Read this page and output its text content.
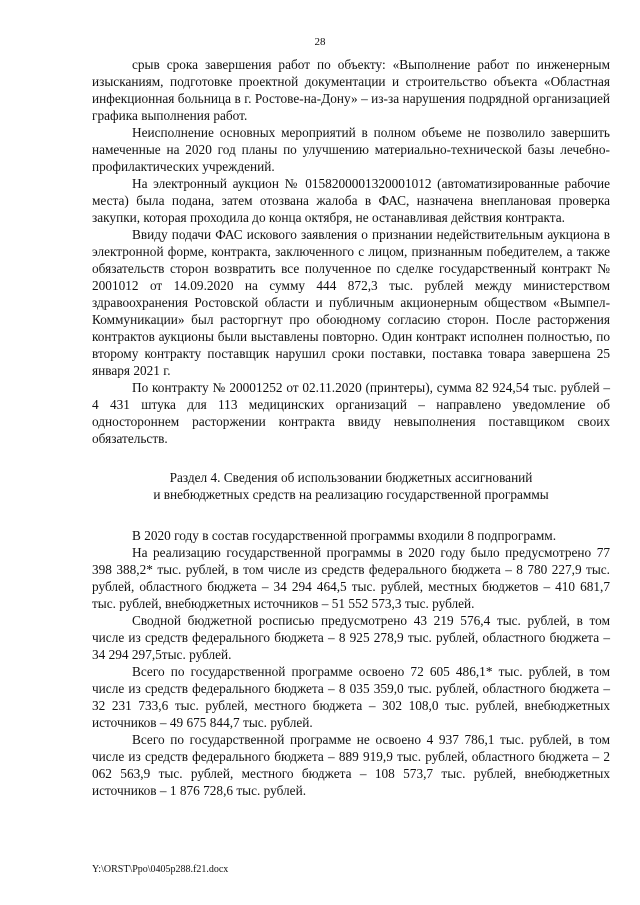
28

срыв срока завершения работ по объекту: «Выполнение работ по инженерным изысканиям, подготовке проектной документации и строительство объекта «Областная инфекционная больница в г. Ростове-на-Дону» – из-за нарушения подрядной организацией графика выполнения работ.

Неисполнение основных мероприятий в полном объеме не позволило завершить намеченные на 2020 год планы по улучшению материально-технической базы лечебно-профилактических учреждений.

На электронный аукцион № 0158200001320001012 (автоматизированные рабочие места) была подана, затем отозвана жалоба в ФАС, назначена внеплановая проверка закупки, которая проходила до конца октября, не останавливая действия контракта.

Ввиду подачи ФАС искового заявления о признании недействительным аукциона в электронной форме, контракта, заключенного с лицом, признанным победителем, а также обязательств сторон возвратить все полученное по сделке государственный контракт № 2001012 от 14.09.2020 на сумму 444 872,3 тыс. рублей между министерством здравоохранения Ростовской области и публичным акционерным обществом «Вымпел-Коммуникации» был расторгнут про обоюдному согласию сторон. После расторжения контрактов аукционы были выставлены повторно. Один контракт исполнен полностью, по второму контракту поставщик нарушил сроки поставки, поставка товара завершена 25 января 2021 г.

По контракту № 20001252 от 02.11.2020 (принтеры), сумма 82 924,54 тыс. рублей – 4 431 штука для 113 медицинских организаций – направлено уведомление об одностороннем расторжении контракта ввиду невыполнения поставщиком своих обязательств.

Раздел 4. Сведения об использовании бюджетных ассигнований
и внебюджетных средств на реализацию государственной программы

В 2020 году в состав государственной программы входили 8 подпрограмм.

На реализацию государственной программы в 2020 году было предусмотрено 77 398 388,2* тыс. рублей, в том числе из средств федерального бюджета – 8 780 227,9 тыс. рублей, областного бюджета – 34 294 464,5 тыс. рублей, местных бюджетов – 410 681,7 тыс. рублей, внебюджетных источников – 51 552 573,3 тыс. рублей.

Сводной бюджетной росписью предусмотрено 43 219 576,4 тыс. рублей, в том числе из средств федерального бюджета – 8 925 278,9 тыс. рублей, областного бюджета – 34 294 297,5тыс. рублей.

Всего по государственной программе освоено 72 605 486,1* тыс. рублей, в том числе из средств федерального бюджета – 8 035 359,0 тыс. рублей, областного бюджета –32 231 733,6 тыс. рублей, местного бюджета – 302 108,0 тыс. рублей, внебюджетных источников – 49 675 844,7 тыс. рублей.

Всего по государственной программе не освоено 4 937 786,1 тыс. рублей, в том числе из средств федерального бюджета – 889 919,9 тыс. рублей, областного бюджета – 2 062 563,9 тыс. рублей, местного бюджета – 108 573,7 тыс. рублей, внебюджетных источников – 1 876 728,6 тыс. рублей.

Y:\ORST\Ppo\0405p288.f21.docx
